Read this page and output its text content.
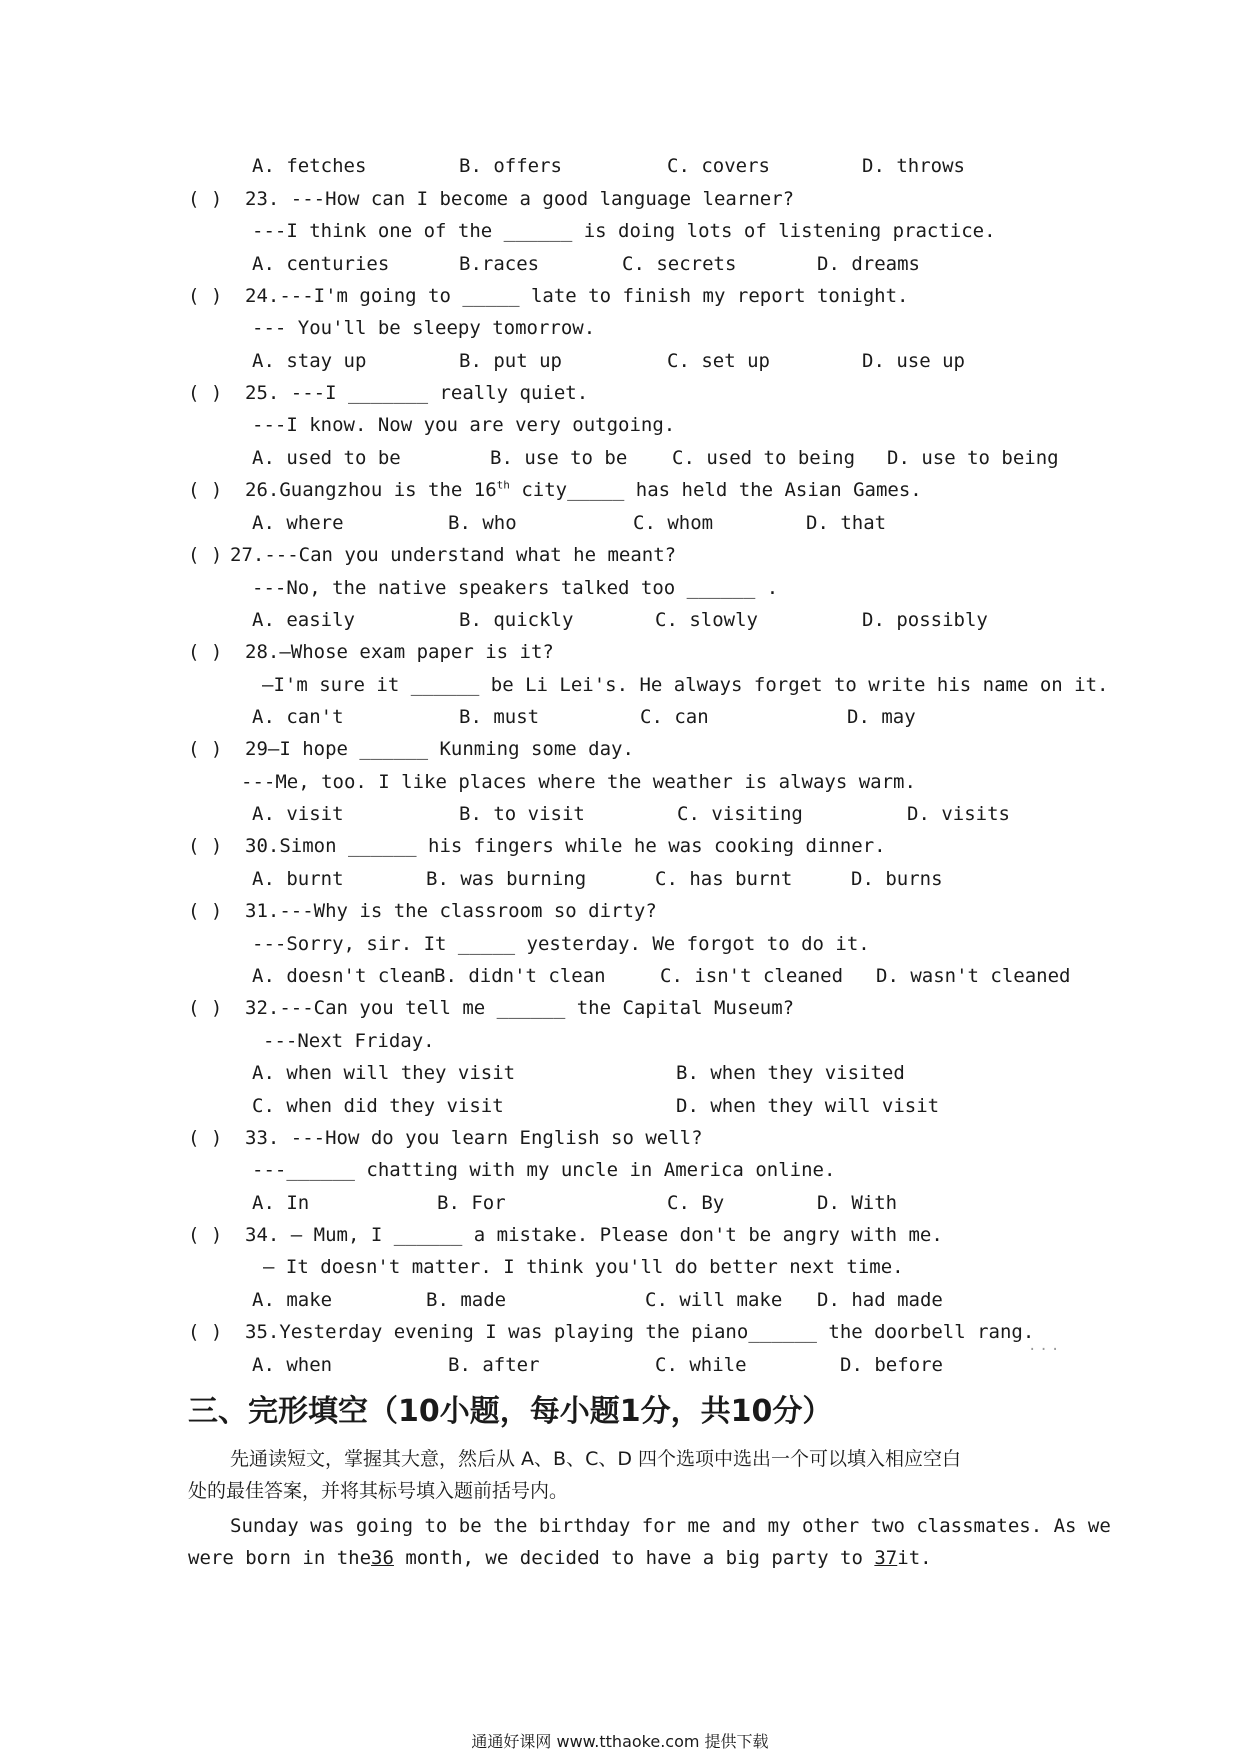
A. fetches	B. offers	C. covers	D. throws
( ) 23. ---How can I become a good language learner?
---I think one of the ______ is doing lots of listening practice.
A. centuries	B.races	C. secrets	D. dreams
( ) 24.---I'm going to _____ late to finish my report tonight.
--- You'll be sleepy tomorrow.
A. stay up	B. put up	C. set up	D. use up
( ) 25. ---I _______ really quiet.
---I know. Now you are very outgoing.
A. used to be	B. use to be C. used to being D. use to being
( ) 26.Guangzhou is the 16th city_____ has held the Asian Games.
A. where	B. who	C. whom	D. that
( ) 27.---Can you understand what he meant?
---No, the native speakers talked too ______ .
A. easily	B. quickly	C. slowly	D. possibly
( ) 28.—Whose exam paper is it?
—I'm sure it ______ be Li Lei's. He always forget to write his name on it.
A. can't	B. must	C. can	D. may
( ) 29—I hope ______ Kunming some day.
---Me, too. I like places where the weather is always warm.
A. visit	B. to visit	C. visiting	D. visits
( ) 30.Simon ______ his fingers while he was cooking dinner.
A. burnt	B. was burning	C. has burnt	D. burns
( ) 31.---Why is the classroom so dirty?
---Sorry, sir. It _____ yesterday. We forgot to do it.
A. doesn't clean
B. didn't clean	C. isn't cleaned D. wasn't cleaned
( ) 32.---Can you tell me ______ the Capital Museum?
---Next Friday.
A. when will they visit	B. when they visited
C. when did they visit	D. when they will visit
( ) 33. ---How do you learn English so well?
---______ chatting with my uncle in America online.
A. In	B. For	C. By	D. With
( ) 34. — Mum, I ______ a mistake. Please don't be angry with me.
— It doesn't matter. I think you'll do better next time.
A. make	B. made	C. will make D. had made
( ) 35.Yesterday evening I was playing the piano______ the doorbell rang.
A. when	B. after	C. while	D. before
...
三、完形填空（10小题，每小题1分，共10分）
先通读短文，掌握其大意，然后从 A、B、C、D 四个选项中选出一个可以填入相应空白
处的最佳答案，并将其标号填入题前括号内。
Sunday was going to be the birthday for me and my other two classmates. As we
were born in the36 month, we decided to have a big party to 37it.
通通好课网 www.tthaoke.com 提供下载
